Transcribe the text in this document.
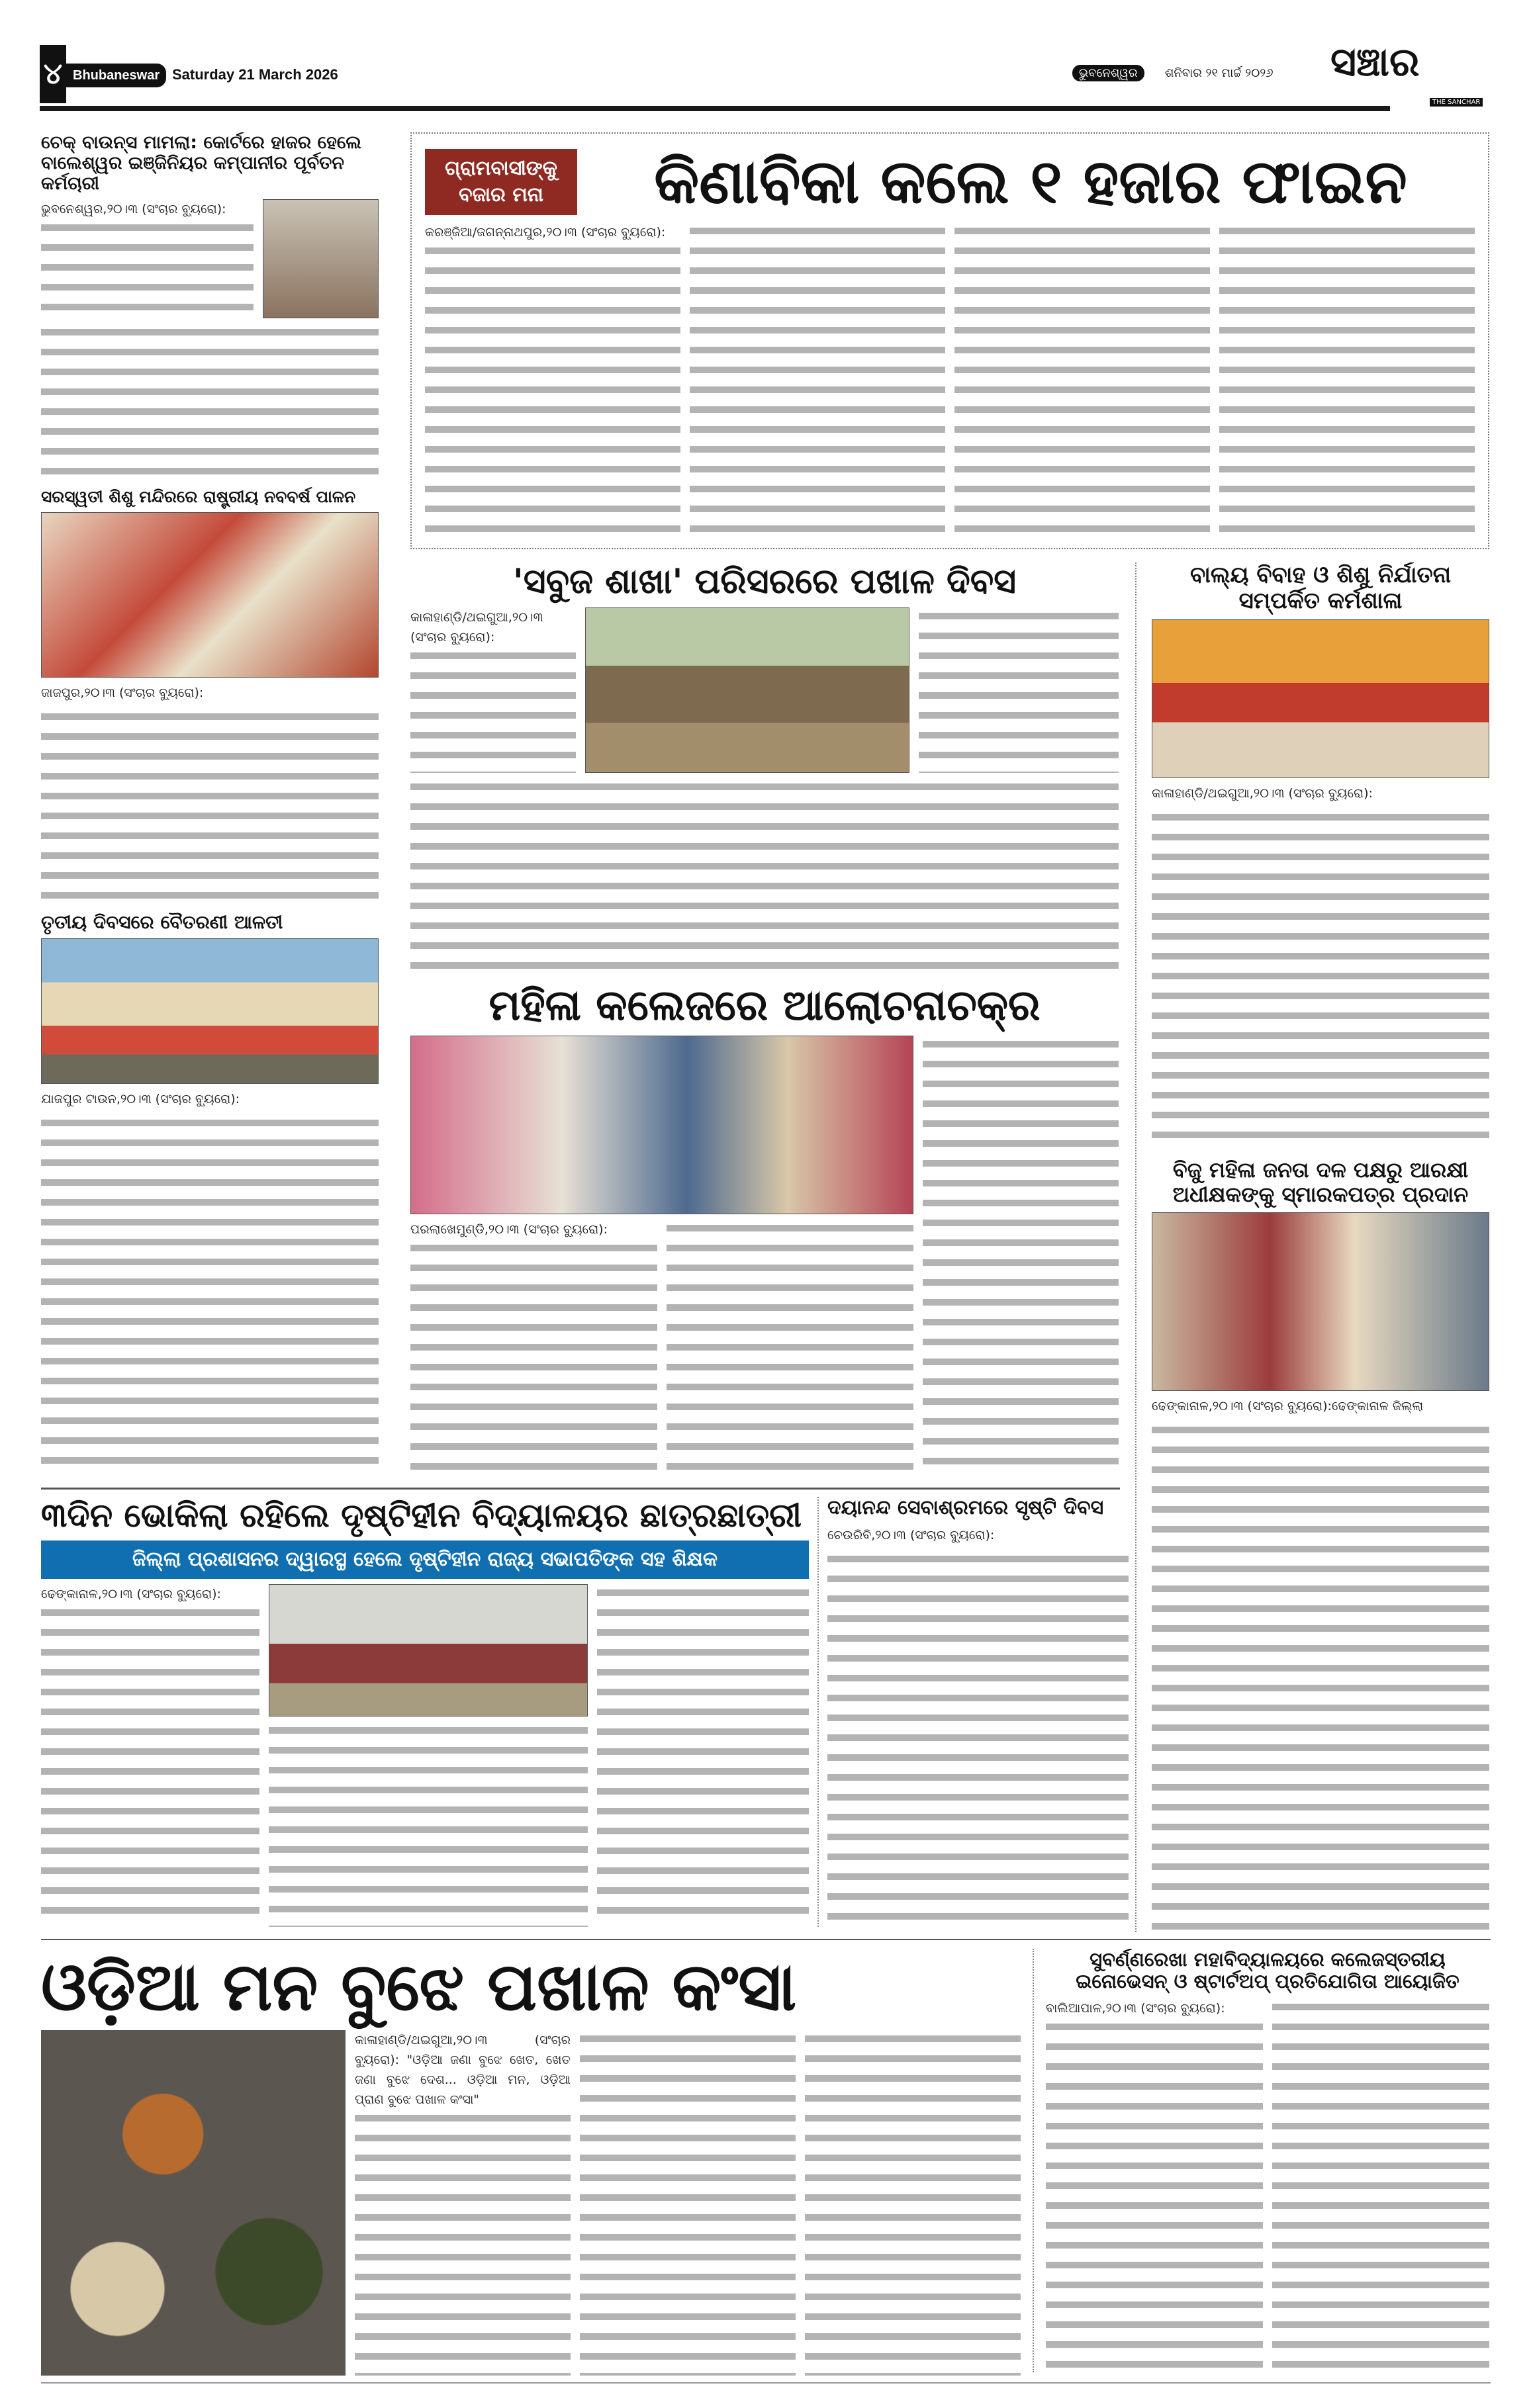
୪ Bhubaneswar Saturday 21 March 2026	ଭୁବନେଶ୍ୱର	ଶନିବାର ୨୧ ମାର୍ଚ୍ଚ ୨୦୨୬ ସଞ୍ଚାର
THE SANCHAR
ଚେକ୍ ବାଉନ୍ସ ମାମଲା: କୋର୍ଟରେ ହାଜର ହେଲେ ବାଲେଶ୍ୱର ଇଞ୍ଜିନିୟର କମ୍ପାନୀର ପୂର୍ବତନ କର୍ମଚାରୀ
ଭୁବନେଶ୍ୱର,୨୦।୩ (ସଂଚାର ବ୍ୟୁରୋ):
ସରସ୍ୱତୀ ଶିଶୁ ମନ୍ଦିରରେ ରାଷ୍ଟ୍ରୀୟ ନବବର୍ଷ ପାଳନ
ଜାଜପୁର,୨୦।୩ (ସଂଚାର ବ୍ୟୁରୋ):
ତୃତୀୟ ଦିବସରେ ବୈତରଣୀ ଆଳତୀ
ଯାଜପୁର ଟାଉନ,୨୦।୩ (ସଂଚାର ବ୍ୟୁରୋ):
ଗ୍ରାମବାସୀଙ୍କୁ ବଜାର ମନା	କିଣାବିକା କଲେ ୧ ହଜାର ଫାଇନ
କରଞ୍ଜିଆ/ଜଗନ୍ନାଥପୁର,୨୦।୩ (ସଂଚାର ବ୍ୟୁରୋ):
'ସବୁଜ ଶାଖା' ପରିସରରେ ପଖାଳ ଦିବସ
କାଳାହାଣ୍ଡି/ଥଇଗୁଆ,୨୦।୩ (ସଂଚାର ବ୍ୟୁରୋ):
ମହିଳା କଲେଜରେ ଆଲୋଚନାଚକ୍ର
ପରଲାଖେମୁଣ୍ଡି,୨୦।୩ (ସଂଚାର ବ୍ୟୁରୋ):
ବାଲ୍ୟ ବିବାହ ଓ ଶିଶୁ ନିର୍ଯାତନା ସମ୍ପର୍କିତ କର୍ମଶାଳା
କାଳାହାଣ୍ଡି/ଥଇଗୁଆ,୨୦।୩ (ସଂଚାର ବ୍ୟୁରୋ):
ବିଜୁ ମହିଳା ଜନତା ଦଳ ପକ୍ଷରୁ ଆରକ୍ଷୀ ଅଧୀକ୍ଷକଙ୍କୁ ସ୍ମାରକପତ୍ର ପ୍ରଦାନ
ଢେଙ୍କାନାଳ,୨୦।୩ (ସଂଚାର ବ୍ୟୁରୋ):ଢେଙ୍କାନାଳ ଜିଲ୍ଲା
୩ଦିନ ଭୋକିଲା ରହିଲେ ଦୃଷ୍ଟିହୀନ ବିଦ୍ୟାଳୟର ଛାତ୍ରଛାତ୍ରୀ
ଜିଲ୍ଲା ପ୍ରଶାସନର ଦ୍ୱାରସ୍ଥ ହେଲେ ଦୃଷ୍ଟିହୀନ ରାଜ୍ୟ ସଭାପତିଙ୍କ ସହ ଶିକ୍ଷକ
ଢେଙ୍କାନାଳ,୨୦।୩ (ସଂଚାର ବ୍ୟୁରୋ):
ଦୟାନନ୍ଦ ସେବାଶ୍ରମରେ ସୃଷ୍ଟି ଦିବସ
ଚେଉରିବି,୨୦।୩ (ସଂଚାର ବ୍ୟୁରୋ):
ଓଡ଼ିଆ ମନ ବୁଝେ ପଖାଳ କଂସା
କାଳାହାଣ୍ଡି/ଥଇଗୁଆ,୨୦।୩ (ସଂଚାର ବ୍ୟୁରୋ): "ଓଡ଼ିଆ ଜଣା ବୁଝେ ଖେତ, ଖେତ ଜଣା ବୁଝେ ଦେଶ... ଓଡ଼ିଆ ମନ, ଓଡ଼ିଆ ପ୍ରାଣ ବୁଝେ ପଖାଳ କଂସା"
ସୁବର୍ଣ୍ଣରେଖା ମହାବିଦ୍ୟାଳୟରେ କଲେଜସ୍ତରୀୟ ଇନୋଭେସନ୍ ଓ ଷ୍ଟାର୍ଟଅପ୍ ପ୍ରତିଯୋଗିତା ଆୟୋଜିତ
ବାଲିଆପାଳ,୨୦।୩ (ସଂଚାର ବ୍ୟୁରୋ):
